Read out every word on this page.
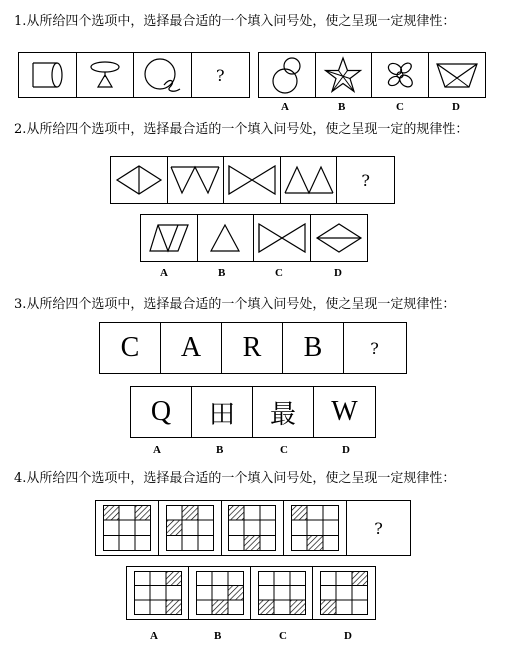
1.从所给四个选项中，选择最合适的一个填入问号处，使之呈现一定规律性：
?
A	B	C	D
2.从所给四个选项中，选择最合适的一个填入问号处，使之呈现一定的规律性：
?
A	B	C	D
3.从所给四个选项中，选择最合适的一个填入问号处，使之呈现一定规律性：
C A R B	?
Q 田 最 W
A	B	C	D
4.从所给四个选项中，选择最合适的一个填入问号处，使之呈现一定规律性：
?
A	B	C	D
